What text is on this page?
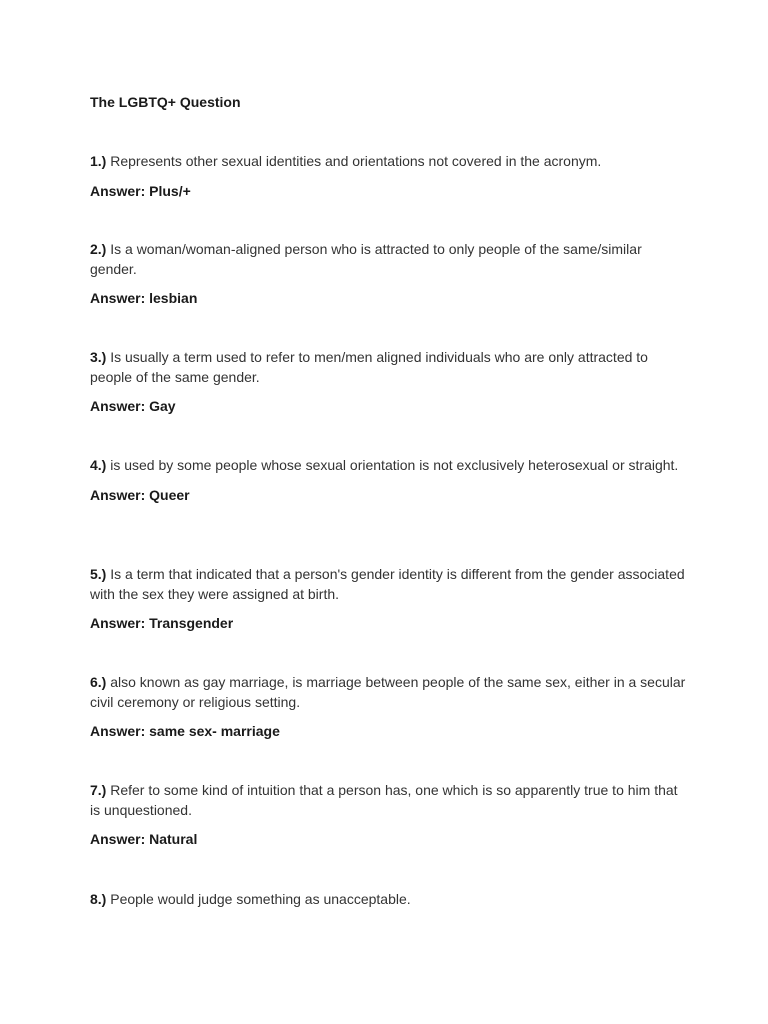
The LGBTQ+ Question

1.) Represents other sexual identities and orientations not covered in the acronym.

Answer: Plus/+

2.) Is a woman/woman-aligned person who is attracted to only people of the same/similar gender.

Answer: lesbian

3.) Is usually a term used to refer to men/men aligned individuals who are only attracted to people of the same gender.

Answer: Gay

4.) is used by some people whose sexual orientation is not exclusively heterosexual or straight.

Answer: Queer

5.) Is a term that indicated that a person's gender identity is different from the gender associated with the sex they were assigned at birth.

Answer: Transgender

6.) also known as gay marriage, is marriage between people of the same sex, either in a secular civil ceremony or religious setting.

Answer: same sex- marriage

7.) Refer to some kind of intuition that a person has, one which is so apparently true to him that is unquestioned.

Answer: Natural

8.) People would judge something as unacceptable.
